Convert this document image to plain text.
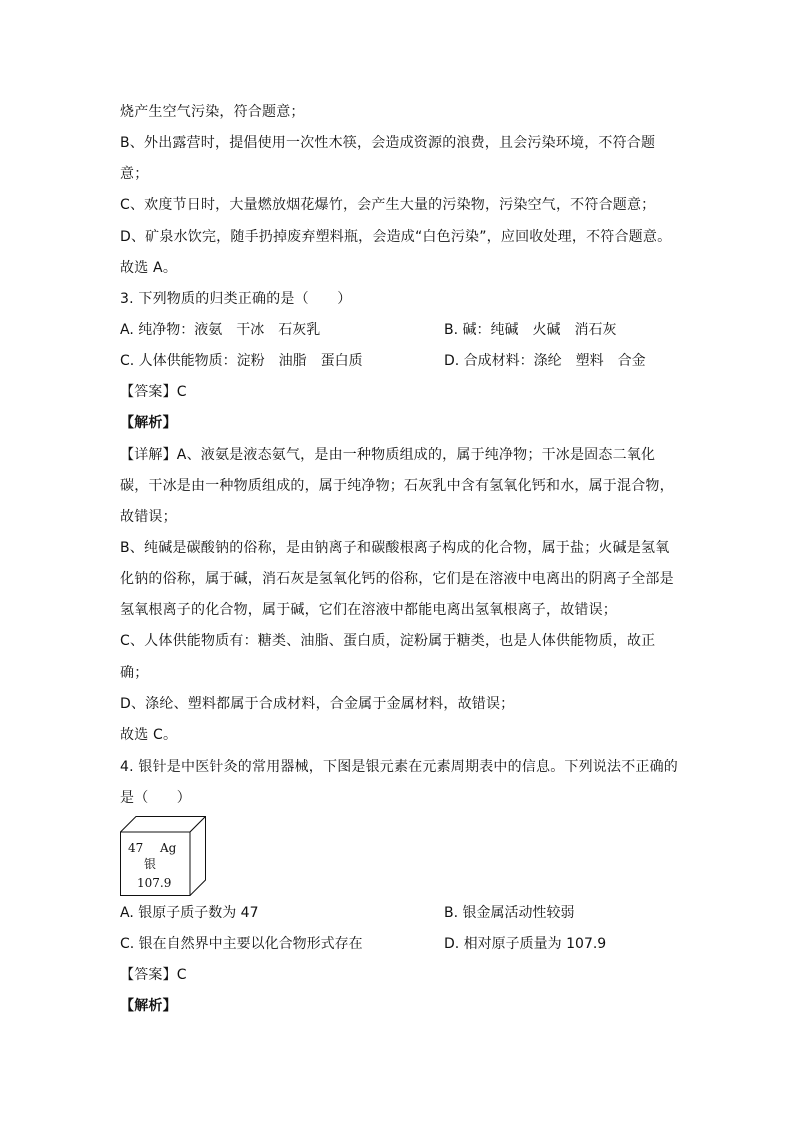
烧产生空气污染，符合题意；
B、外出露营时，提倡使用一次性木筷，会造成资源的浪费，且会污染环境，不符合题
意；
C、欢度节日时，大量燃放烟花爆竹，会产生大量的污染物，污染空气，不符合题意；
D、矿泉水饮完，随手扔掉废弃塑料瓶，会造成“白色污染”，应回收处理，不符合题意。
故选 A。
3. 下列物质的归类正确的是（　　）
A. 纯净物：液氨　干冰　石灰乳	B. 碱：纯碱　火碱　消石灰
C. 人体供能物质：淀粉　油脂　蛋白质	D. 合成材料：涤纶　塑料　合金
【答案】C
【解析】
【详解】A、液氨是液态氨气，是由一种物质组成的，属于纯净物；干冰是固态二氧化
碳，干冰是由一种物质组成的，属于纯净物；石灰乳中含有氢氧化钙和水，属于混合物，
故错误；
B、纯碱是碳酸钠的俗称，是由钠离子和碳酸根离子构成的化合物，属于盐；火碱是氢氧
化钠的俗称，属于碱，消石灰是氢氧化钙的俗称，它们是在溶液中电离出的阴离子全部是
氢氧根离子的化合物，属于碱，它们在溶液中都能电离出氢氧根离子，故错误；
C、人体供能物质有：糖类、油脂、蛋白质，淀粉属于糖类，也是人体供能物质，故正
确；
D、涤纶、塑料都属于合成材料，合金属于金属材料，故错误；
故选 C。
4. 银针是中医针灸的常用器械，下图是银元素在元素周期表中的信息。下列说法不正确的
是（　　）
47 Ag
银
107.9
A. 银原子质子数为 47	B. 银金属活动性较弱
C. 银在自然界中主要以化合物形式存在	D. 相对原子质量为 107.9
【答案】C
【解析】
